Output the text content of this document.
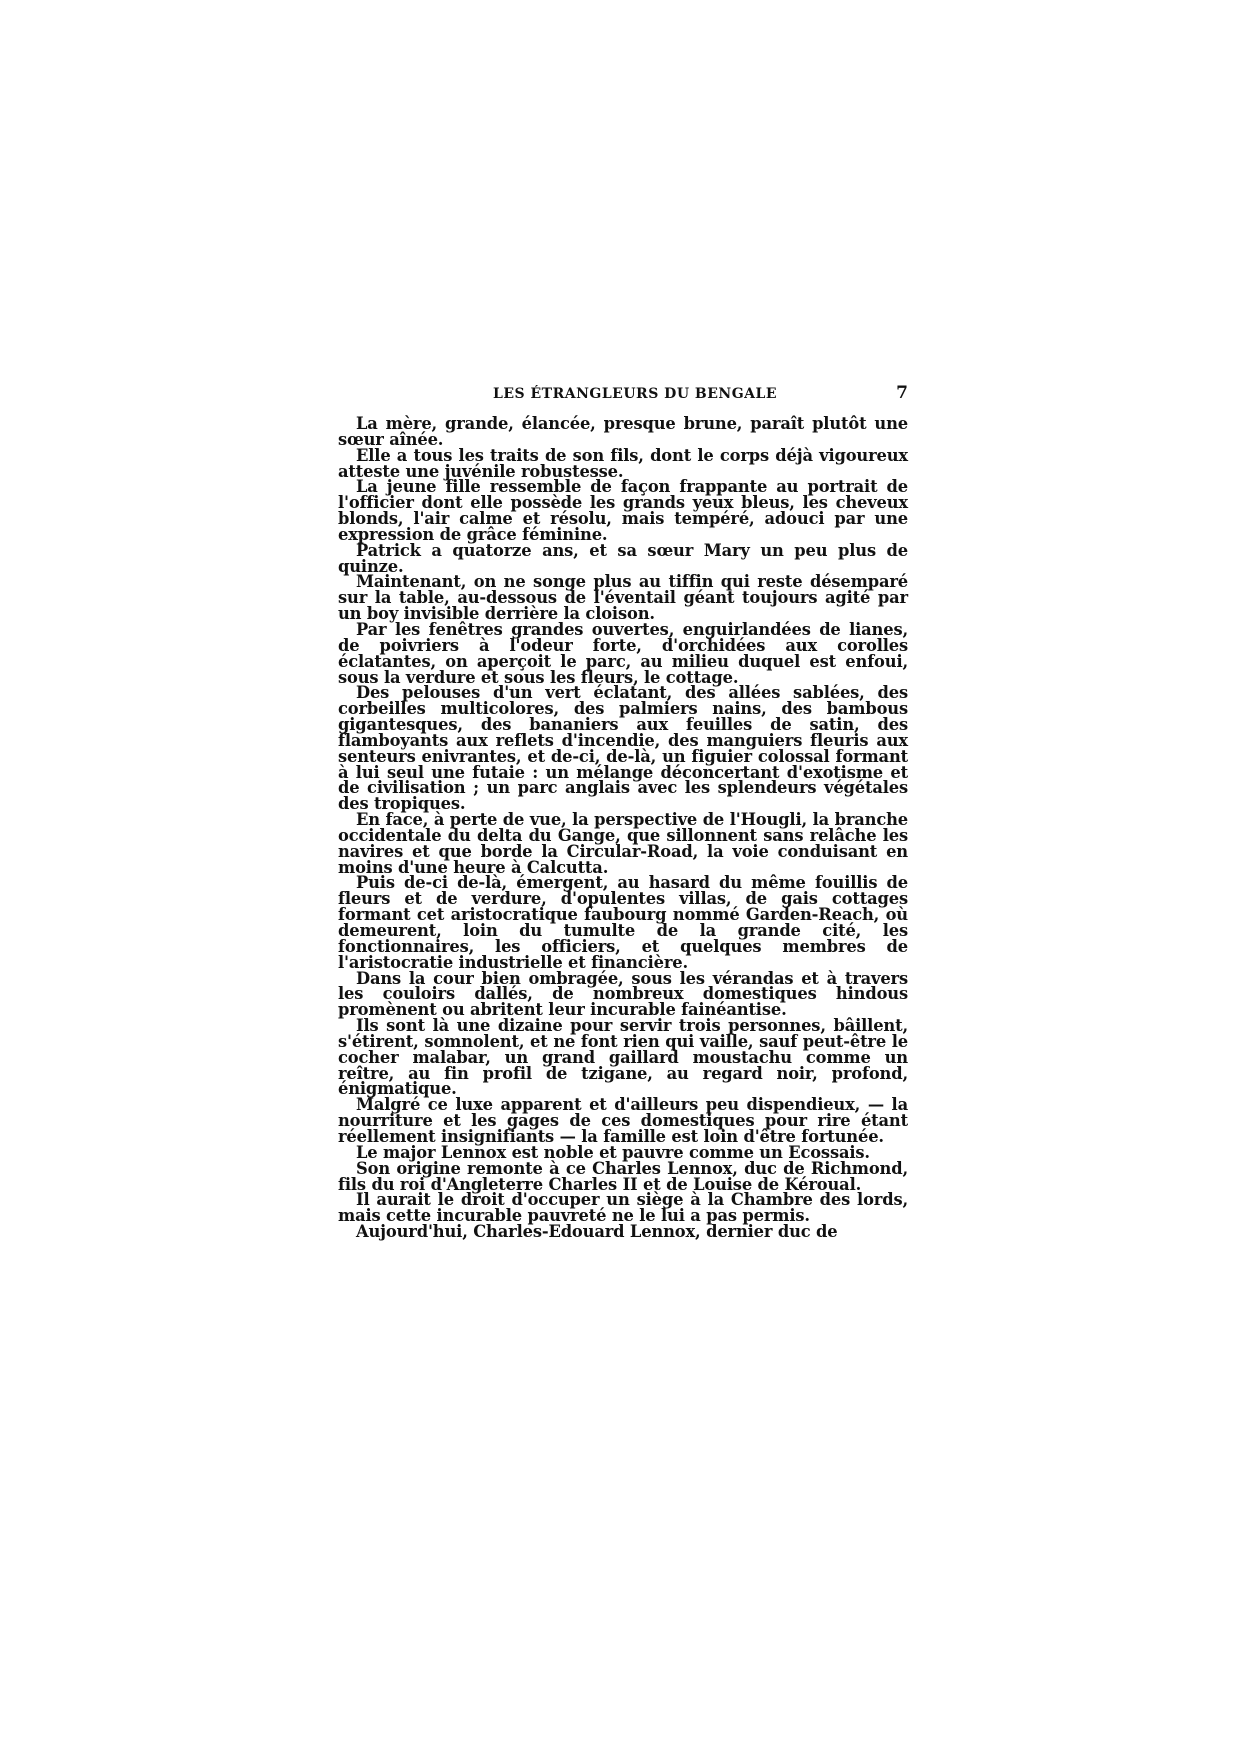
LES ÉTRANGLEURS DU BENGALE	7

La mère, grande, élancée, presque brune, paraît plutôt une sœur aînée.

Elle a tous les traits de son fils, dont le corps déjà vigoureux atteste une juvénile robustesse.

La jeune fille ressemble de façon frappante au portrait de l'officier dont elle possède les grands yeux bleus, les cheveux blonds, l'air calme et résolu, mais tempéré, adouci par une expression de grâce féminine.

Patrick a quatorze ans, et sa sœur Mary un peu plus de quinze.

Maintenant, on ne songe plus au tiffin qui reste désemparé sur la table, au-dessous de l'éventail géant toujours agité par un boy invisible derrière la cloison.

Par les fenêtres grandes ouvertes, enguirlandées de lianes, de poivriers à l'odeur forte, d'orchidées aux corolles éclatantes, on aperçoit le parc, au milieu duquel est enfoui, sous la verdure et sous les fleurs, le cottage.

Des pelouses d'un vert éclatant, des allées sablées, des corbeilles multicolores, des palmiers nains, des bambous gigantesques, des bananiers aux feuilles de satin, des flamboyants aux reflets d'incendie, des manguiers fleuris aux senteurs enivrantes, et de-ci, de-là, un figuier colossal formant à lui seul une futaie : un mélange déconcertant d'exotisme et de civilisation ; un parc anglais avec les splendeurs végétales des tropiques.

En face, à perte de vue, la perspective de l'Hougli, la branche occidentale du delta du Gange, que sillonnent sans relâche les navires et que borde la Circular-Road, la voie conduisant en moins d'une heure à Calcutta.

Puis de-ci de-là, émergent, au hasard du même fouillis de fleurs et de verdure, d'opulentes villas, de gais cottages formant cet aristocratique faubourg nommé Garden-Reach, où demeurent, loin du tumulte de la grande cité, les fonctionnaires, les officiers, et quelques membres de l'aristocratie industrielle et financière.

Dans la cour bien ombragée, sous les vérandas et à travers les couloirs dallés, de nombreux domestiques hindous promènent ou abritent leur incurable fainéantise.

Ils sont là une dizaine pour servir trois personnes, bâillent, s'étirent, somnolent, et ne font rien qui vaille, sauf peut-être le cocher malabar, un grand gaillard moustachu comme un reître, au fin profil de tzigane, au regard noir, profond, énigmatique.

Malgré ce luxe apparent et d'ailleurs peu dispendieux, — la nourriture et les gages de ces domestiques pour rire étant réellement insignifiants — la famille est loin d'être fortunée.

Le major Lennox est noble et pauvre comme un Ecossais.

Son origine remonte à ce Charles Lennox, duc de Richmond, fils du roi d'Angleterre Charles II et de Louise de Kéroual.

Il aurait le droit d'occuper un siège à la Chambre des lords, mais cette incurable pauvreté ne le lui a pas permis.

Aujourd'hui, Charles-Edouard Lennox, dernier duc de
